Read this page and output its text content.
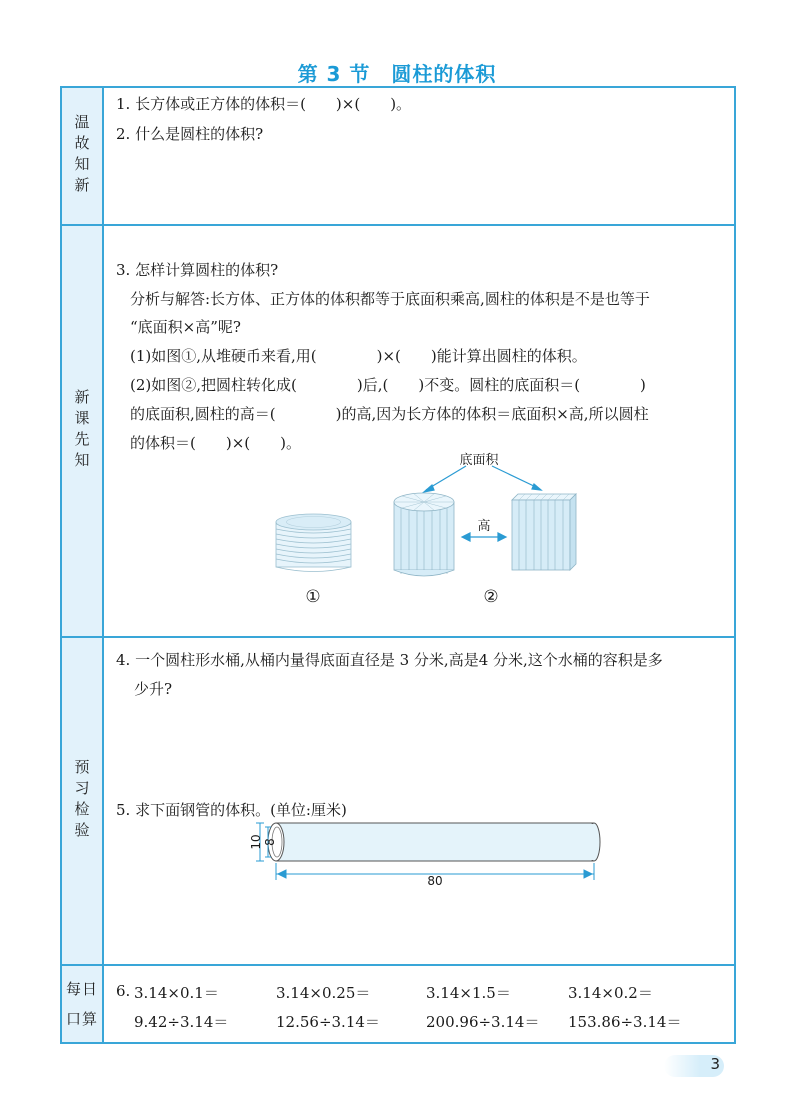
第 3 节　圆柱的体积
温故知新
1. 长方体或正方体的体积＝(　　)×(　　)。
2. 什么是圆柱的体积?
新课先知
3. 怎样计算圆柱的体积?
分析与解答:长方体、正方体的体积都等于底面积乘高,圆柱的体积是不是也等于
“底面积×高”呢?
(1)如图①,从堆硬币来看,用(　　　　)×(　　)能计算出圆柱的体积。
(2)如图②,把圆柱转化成(　　　　)后,(　　)不变。圆柱的底面积＝(　　　　)
的底面积,圆柱的高＝(　　　　)的高,因为长方体的体积＝底面积×高,所以圆柱
的体积＝(　　)×(　　)。
底面积
高
①	②
预习检验
4. 一个圆柱形水桶,从桶内量得底面直径是 3 分米,高是4 分米,这个水桶的容积是多
少升?
5. 求下面钢管的体积。(单位:厘米)
10 8
80
每日口算
6. 3.14×0.1＝	3.14×0.25＝	3.14×1.5＝	3.14×0.2＝
9.42÷3.14＝	12.56÷3.14＝	200.96÷3.14＝ 153.86÷3.14＝
3
